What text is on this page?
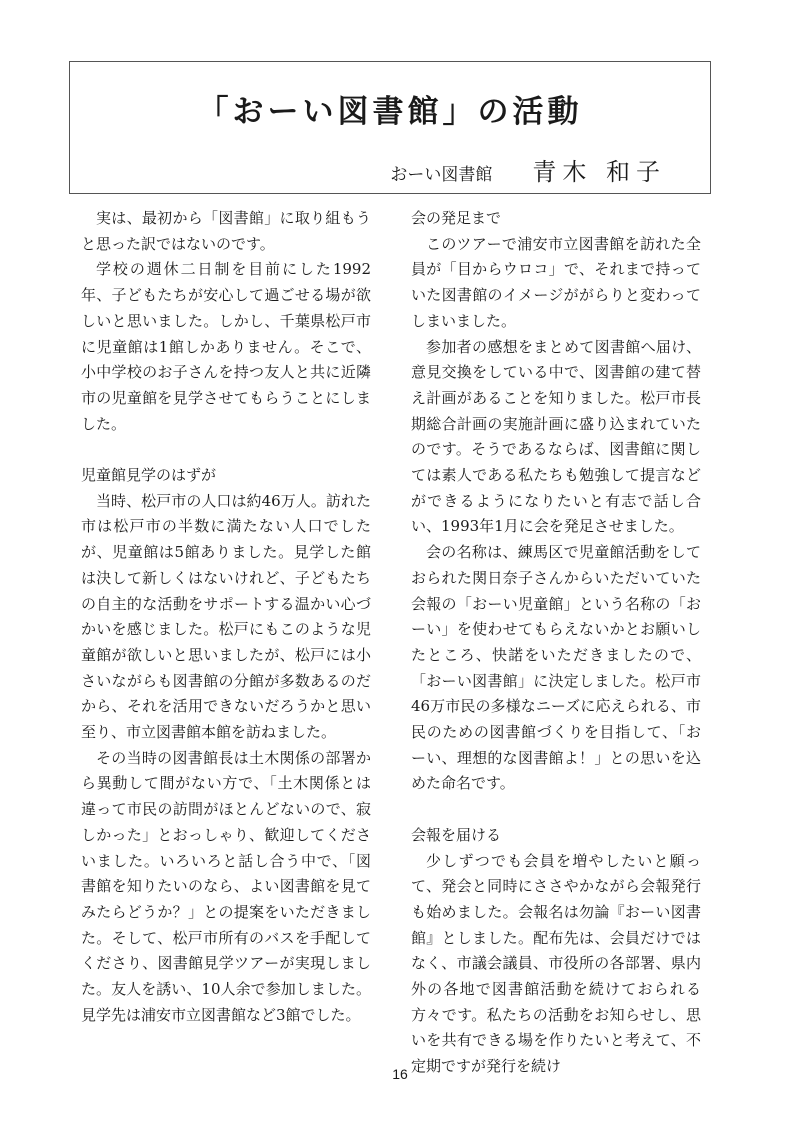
「おーい図書館」の活動
おーい図書館 青木 和子

実は、最初から「図書館」に取り組もうと思った訳ではないのです。

学校の週休二日制を目前にした1992年、子どもたちが安心して過ごせる場が欲しいと思いました。しかし、千葉県松戸市に児童館は1館しかありません。そこで、小中学校のお子さんを持つ友人と共に近隣市の児童館を見学させてもらうことにしました。

児童館見学のはずが

当時、松戸市の人口は約46万人。訪れた市は松戸市の半数に満たない人口でしたが、児童館は5館ありました。見学した館は決して新しくはないけれど、子どもたちの自主的な活動をサポートする温かい心づかいを感じました。松戸にもこのような児童館が欲しいと思いましたが、松戸には小さいながらも図書館の分館が多数あるのだから、それを活用できないだろうかと思い至り、市立図書館本館を訪ねました。

その当時の図書館長は土木関係の部署から異動して間がない方で、「土木関係とは違って市民の訪問がほとんどないので、寂しかった」とおっしゃり、歓迎してくださいました。いろいろと話し合う中で、「図書館を知りたいのなら、よい図書館を見てみたらどうか？」との提案をいただきました。そして、松戸市所有のバスを手配してくださり、図書館見学ツアーが実現しました。友人を誘い、10人余で参加しました。見学先は浦安市立図書館など3館でした。

会の発足まで

このツアーで浦安市立図書館を訪れた全員が「目からウロコ」で、それまで持っていた図書館のイメージががらりと変わってしまいました。

参加者の感想をまとめて図書館へ届け、意見交換をしている中で、図書館の建て替え計画があることを知りました。松戸市長期総合計画の実施計画に盛り込まれていたのです。そうであるならば、図書館に関しては素人である私たちも勉強して提言などができるようになりたいと有志で話し合い、1993年1月に会を発足させました。

会の名称は、練馬区で児童館活動をしておられた関日奈子さんからいただいていた会報の「おーい児童館」という名称の「おーい」を使わせてもらえないかとお願いしたところ、快諾をいただきましたので、「おーい図書館」に決定しました。松戸市46万市民の多様なニーズに応えられる、市民のための図書館づくりを目指して、「おーい、理想的な図書館よ！」との思いを込めた命名です。

会報を届ける

少しずつでも会員を増やしたいと願って、発会と同時にささやかながら会報発行も始めました。会報名は勿論『おーい図書館』としました。配布先は、会員だけではなく、市議会議員、市役所の各部署、県内外の各地で図書館活動を続けておられる方々です。私たちの活動をお知らせし、思いを共有できる場を作りたいと考えて、不定期ですが発行を続け

16
